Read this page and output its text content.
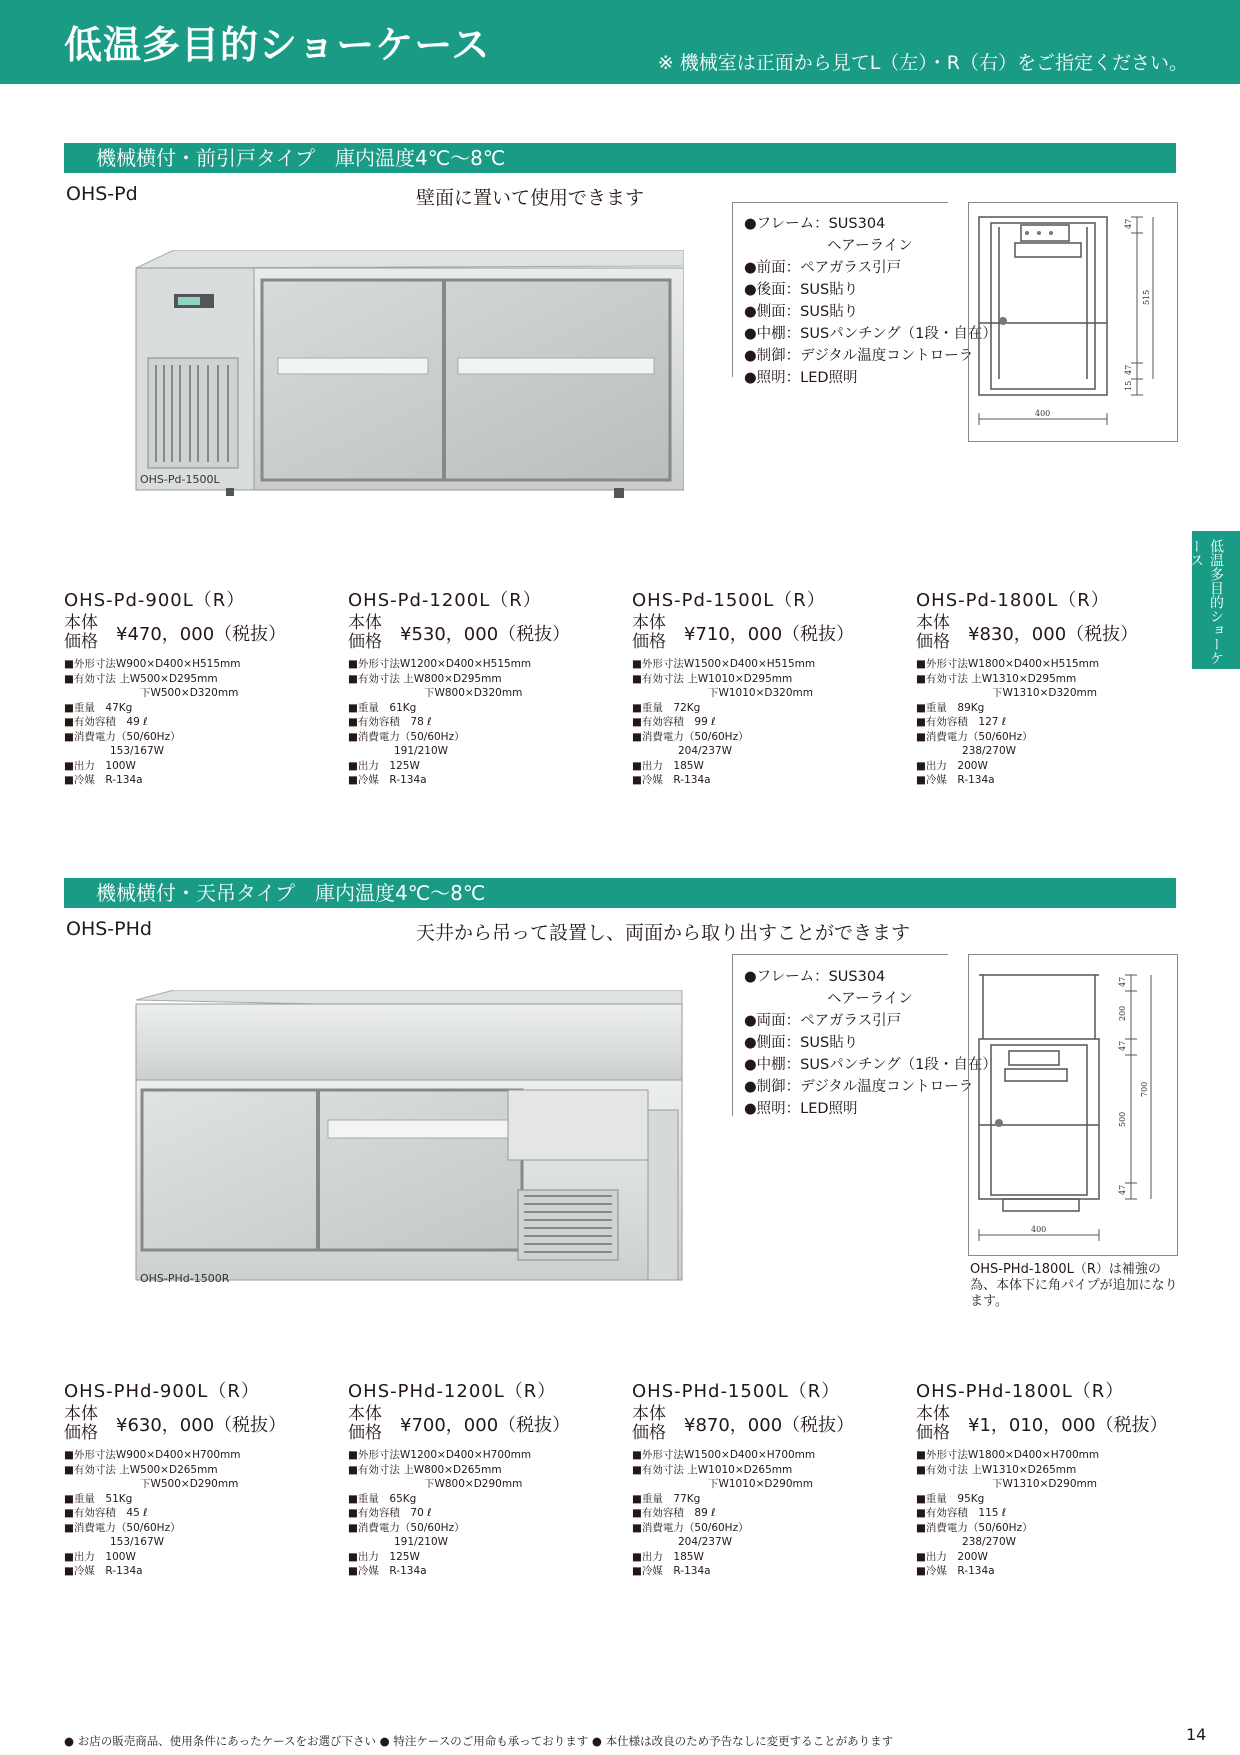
低温多目的ショーケース	※ 機械室は正面から見てL（左）・R（右）をご指定ください。
低温多目的ショーケース
機械横付・前引戸タイプ　庫内温度4℃〜8℃
OHS-Pd	壁面に置いて使用できます
OHS-Pd-1500L
● フレーム：SUS304
ヘアーライン
● 前面：ペアガラス引戸
● 後面：SUS貼り
● 側面：SUS貼り
● 中棚：SUSパンチング（1段・自在）
● 制御：デジタル温度コントローラ
● 照明：LED照明
47
515
47
15
400
OHS-Pd-900L（R）
本体価格	¥470，000（税抜）
■ 外形寸法W900×D400×H515mm
■ 有効寸法 上W500×D295mm
下W500×D320mm
■ 重量　47Kg
■ 有効容積　49 ℓ
■ 消費電力（50/60Hz）
153/167W
■ 出力　100W
■ 冷媒　R-134a
OHS-Pd-1200L（R）
本体価格	¥530，000（税抜）
■ 外形寸法W1200×D400×H515mm
■ 有効寸法 上W800×D295mm
下W800×D320mm
■ 重量　61Kg
■ 有効容積　78 ℓ
■ 消費電力（50/60Hz）
191/210W
■ 出力　125W
■ 冷媒　R-134a
OHS-Pd-1500L（R）
本体価格	¥710，000（税抜）
■ 外形寸法W1500×D400×H515mm
■ 有効寸法 上W1010×D295mm
下W1010×D320mm
■ 重量　72Kg
■ 有効容積　99 ℓ
■ 消費電力（50/60Hz）
204/237W
■ 出力　185W
■ 冷媒　R-134a
OHS-Pd-1800L（R）
本体価格	¥830，000（税抜）
■ 外形寸法W1800×D400×H515mm
■ 有効寸法 上W1310×D295mm
下W1310×D320mm
■ 重量　89Kg
■ 有効容積　127 ℓ
■ 消費電力（50/60Hz）
238/270W
■ 出力　200W
■ 冷媒　R-134a
機械横付・天吊タイプ　庫内温度4℃〜8℃
OHS-PHd	天井から吊って設置し、両面から取り出すことができます
OHS-PHd-1500R
● フレーム：SUS304
ヘアーライン
● 両面：ペアガラス引戸
● 側面：SUS貼り
● 中棚：SUSパンチング（1段・自在）
● 制御：デジタル温度コントローラ
● 照明：LED照明
47
200
47
700
500
47
400
OHS-PHd-1800L（R）は補強の為、本体下に角パイプが追加になります。
OHS-PHd-900L（R）
本体価格	¥630，000（税抜）
■ 外形寸法W900×D400×H700mm
■ 有効寸法 上W500×D265mm
下W500×D290mm
■ 重量　51Kg
■ 有効容積　45 ℓ
■ 消費電力（50/60Hz）
153/167W
■ 出力　100W
■ 冷媒　R-134a
OHS-PHd-1200L（R）
本体価格	¥700，000（税抜）
■ 外形寸法W1200×D400×H700mm
■ 有効寸法 上W800×D265mm
下W800×D290mm
■ 重量　65Kg
■ 有効容積　70 ℓ
■ 消費電力（50/60Hz）
191/210W
■ 出力　125W
■ 冷媒　R-134a
OHS-PHd-1500L（R）
本体価格	¥870，000（税抜）
■ 外形寸法W1500×D400×H700mm
■ 有効寸法 上W1010×D265mm
下W1010×D290mm
■ 重量　77Kg
■ 有効容積　89 ℓ
■ 消費電力（50/60Hz）
204/237W
■ 出力　185W
■ 冷媒　R-134a
OHS-PHd-1800L（R）
本体価格	¥1，010，000（税抜）
■ 外形寸法W1800×D400×H700mm
■ 有効寸法 上W1310×D265mm
下W1310×D290mm
■ 重量　95Kg
■ 有効容積　115 ℓ
■ 消費電力（50/60Hz）
238/270W
■ 出力　200W
■ 冷媒　R-134a
● お店の販売商品、使用条件にあったケースをお選び下さい ● 特注ケースのご用命も承っております ● 本仕様は改良のため予告なしに変更することがあります	14
